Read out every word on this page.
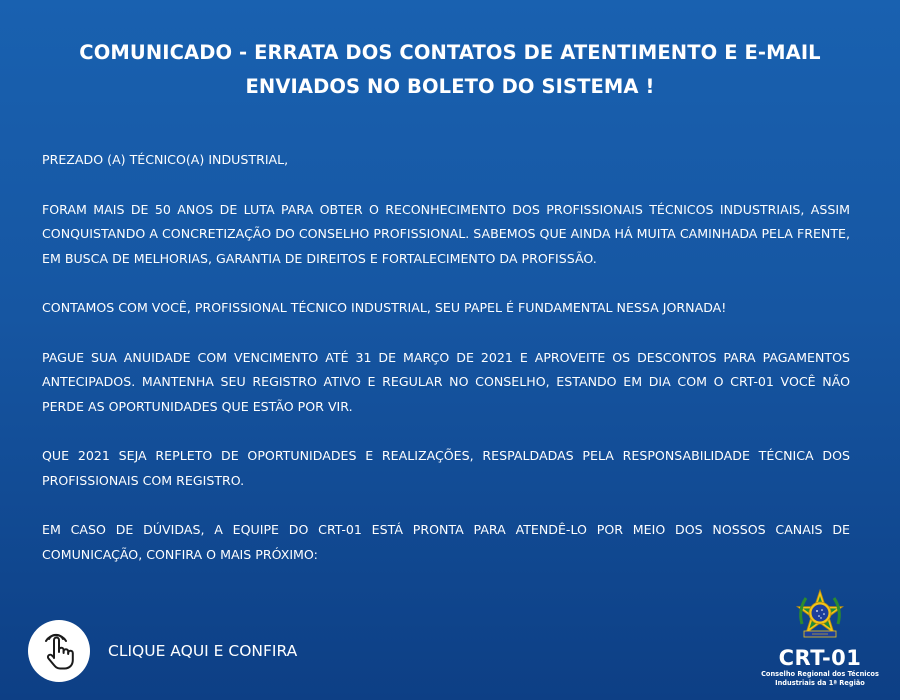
COMUNICADO - ERRATA DOS CONTATOS DE ATENTIMENTO E E-MAIL
ENVIADOS NO BOLETO DO SISTEMA !

PREZADO (A) TÉCNICO(A) INDUSTRIAL,

FORAM MAIS DE 50 ANOS DE LUTA PARA OBTER O RECONHECIMENTO DOS PROFISSIONAIS TÉCNICOS INDUSTRIAIS, ASSIM CONQUISTANDO A CONCRETIZAÇÃO DO CONSELHO PROFISSIONAL. SABEMOS QUE AINDA HÁ MUITA CAMINHADA PELA FRENTE, EM BUSCA DE MELHORIAS, GARANTIA DE DIREITOS E FORTALECIMENTO DA PROFISSÃO.

CONTAMOS COM VOCÊ, PROFISSIONAL TÉCNICO INDUSTRIAL, SEU PAPEL É FUNDAMENTAL NESSA JORNADA!

PAGUE SUA ANUIDADE COM VENCIMENTO ATÉ 31 DE MARÇO DE 2021 E APROVEITE OS DESCONTOS PARA PAGAMENTOS ANTECIPADOS. MANTENHA SEU REGISTRO ATIVO E REGULAR NO CONSELHO, ESTANDO EM DIA COM O CRT-01 VOCÊ NÃO PERDE AS OPORTUNIDADES QUE ESTÃO POR VIR.

QUE 2021 SEJA REPLETO DE OPORTUNIDADES E REALIZAÇÕES, RESPALDADAS PELA RESPONSABILIDADE TÉCNICA DOS PROFISSIONAIS COM REGISTRO.

EM CASO DE DÚVIDAS, A EQUIPE DO CRT-01 ESTÁ PRONTA PARA ATENDÊ-LO POR MEIO DOS NOSSOS CANAIS DE COMUNICAÇÃO, CONFIRA O MAIS PRÓXIMO:

CLIQUE AQUI E CONFIRA	CRT-01
Conselho Regional dos Técnicos
Industriais da 1ª Região
